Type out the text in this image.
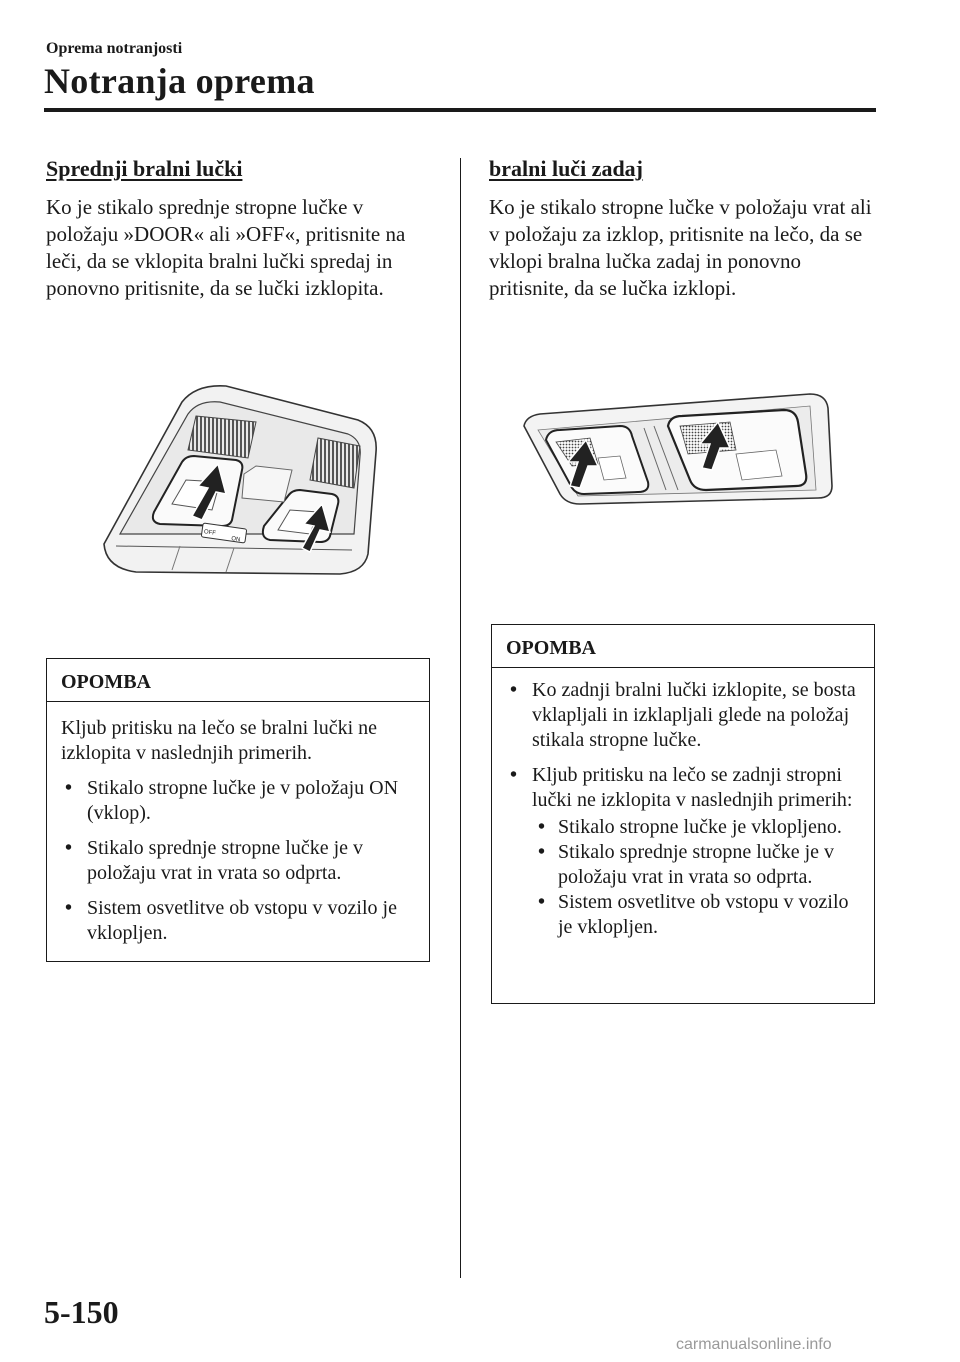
Oprema notranjosti
Notranja oprema
Sprednji bralni lučki

Ko je stikalo sprednje stropne lučke v položaju »DOOR« ali »OFF«, pritisnite na leči, da se vklopita bralni lučki spredaj in ponovno pritisnite, da se lučki izklopita.

OFF
ON
OPOMBA

Kljub pritisku na lečo se bralni lučki ne izklopita v naslednjih primerih.

• Stikalo stropne lučke je v položaju ON (vklop).
• Stikalo sprednje stropne lučke je v položaju vrat in vrata so odprta.
• Sistem osvetlitve ob vstopu v vozilo je vklopljen.
bralni luči zadaj

Ko je stikalo stropne lučke v položaju vrat ali v položaju za izklop, pritisnite na lečo, da se vklopi bralna lučka zadaj in ponovno pritisnite, da se lučka izklopi.

OPOMBA
• Ko zadnji bralni lučki izklopite, se bosta vklapljali in izklapljali glede na položaj stikala stropne lučke.
• Kljub pritisku na lečo se zadnji stropni lučki ne izklopita v naslednjih primerih:
• Stikalo stropne lučke je vklopljeno.
• Stikalo sprednje stropne lučke je v položaju vrat in vrata so odprta.
• Sistem osvetlitve ob vstopu v vozilo je vklopljen.
5-150
carmanualsonline.info
